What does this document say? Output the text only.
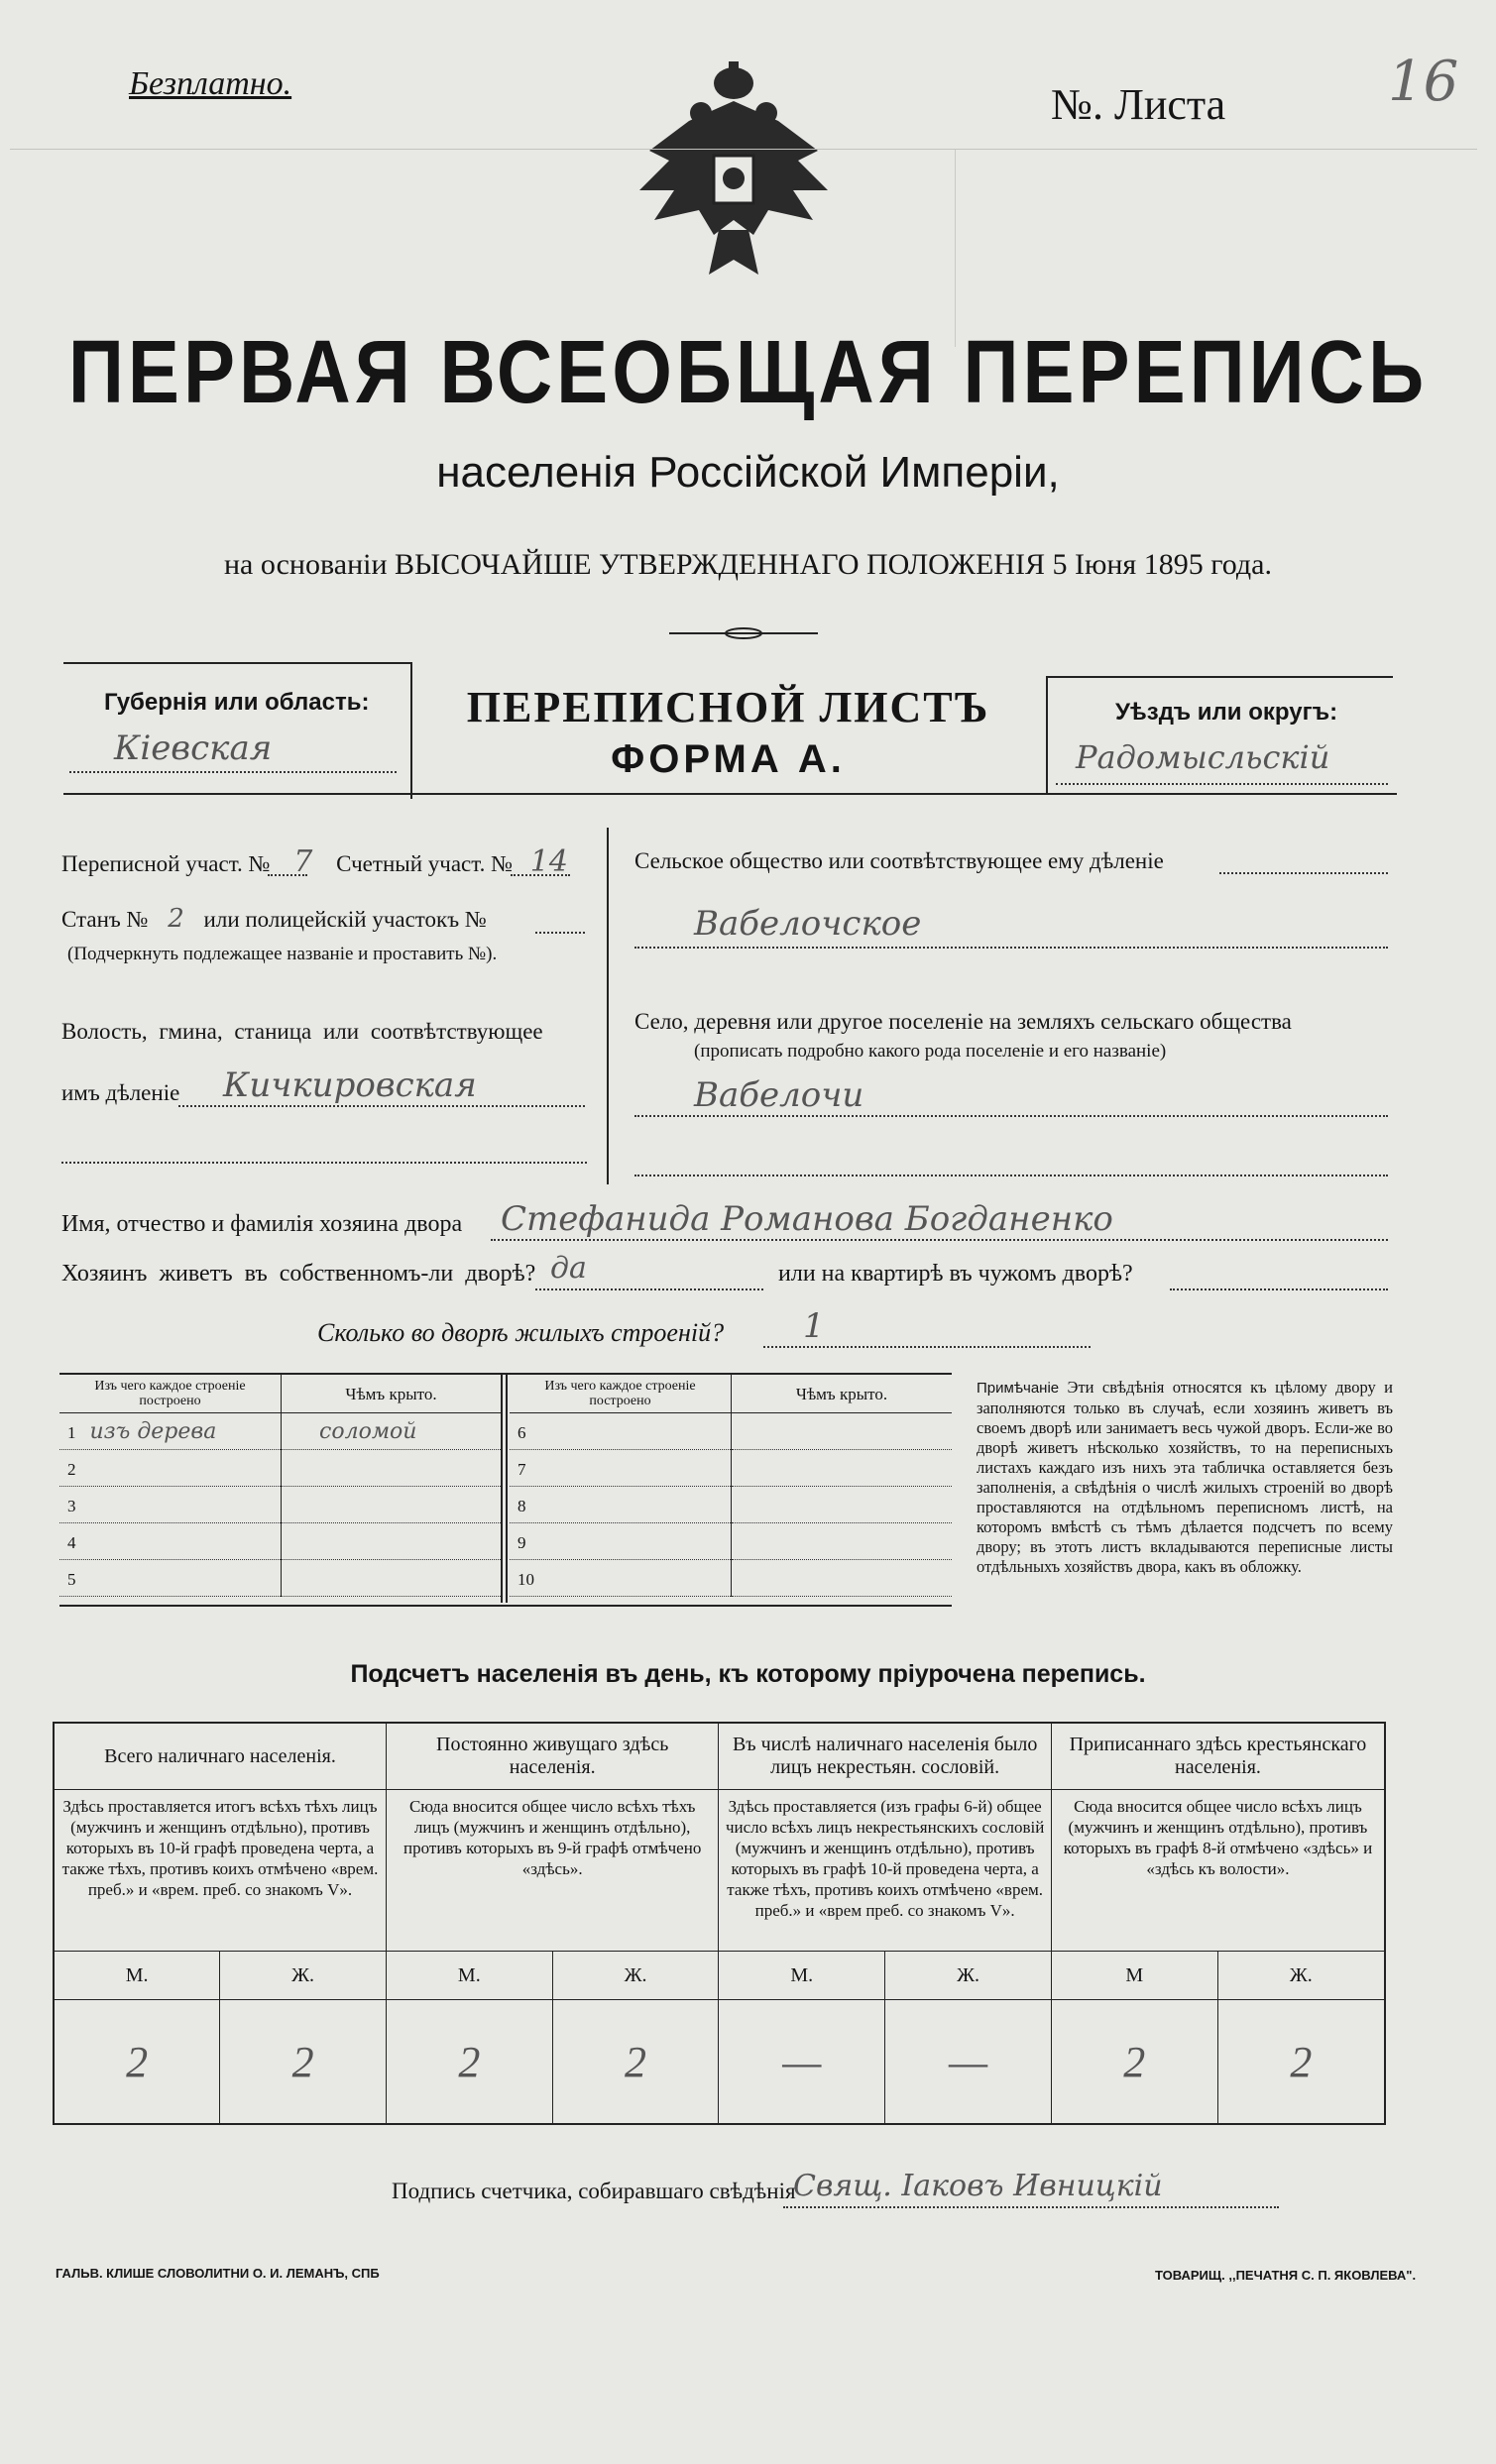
Безплатно.	№. Листа	16
ПЕРВАЯ ВСЕОБЩАЯ ПЕРЕПИСЬ
населенія Россійской Имперіи,
на основаніи ВЫСОЧАЙШЕ УТВЕРЖДЕННАГО ПОЛОЖЕНІЯ 5 Іюня 1895 года.
Губернія или область:
Кіевская
ПЕРЕПИСНОЙ ЛИСТЪ
ФОРМА А.
Уѣздъ или округъ:
Радомысльскій
Переписной участ. № 7 Счетный участ. № 14
Станъ № 2 или полицейскій участокъ №
(Подчеркнуть подлежащее названіе и проставить №).
Волость, гмина, станица или соотвѣтствующее
имъ дѣленіе Кичкировская
Сельское общество или соотвѣтствующее ему дѣленіе
Вабелочское
Село, деревня или другое поселеніе на земляхъ сельскаго общества
(прописать подробно какого рода поселеніе и его названіе)
Вабелочи
Имя, отчество и фамилія хозяина двора Стефанида Романова Богданенко
Хозяинъ живетъ въ собственномъ-ли дворѣ? да	или на квартирѣ въ чужомъ дворѣ?
Сколько во дворѣ жилыхъ строеній? 1
Изъ чего каждое строеніе построено	Чѣмъ крыто.
1 изъ дерева	соломой
2	
3	
4	
5	
Изъ чего каждое строеніе построено	Чѣмъ крыто.
6	
7	
8	
9	
10	
Примѣчаніе Эти свѣдѣнія относятся къ цѣлому двору и заполняются только въ случаѣ, если хозяинъ живетъ въ своемъ дворѣ или занимаетъ весь чужой дворъ. Если-же во дворѣ живетъ нѣсколько хозяйствъ, то на переписныхъ листахъ каждаго изъ нихъ эта табличка оставляется безъ заполненія, а свѣдѣнія о числѣ жилыхъ строеній во дворѣ проставляются на отдѣльномъ переписномъ листѣ, на которомъ вмѣстѣ съ тѣмъ дѣлается подсчетъ по всему двору; въ этотъ листъ вкладываются переписные листы отдѣльныхъ хозяйствъ двора, какъ въ обложку.
Подсчетъ населенія въ день, къ которому пріурочена перепись.
Всего наличнаго населенія.		Постоянно живущаго здѣсь населенія.		Въ числѣ наличнаго населенія было лицъ некрестьян. сословій.		Приписаннаго здѣсь крестьянскаго населенія.	
Здѣсь проставляется итогъ всѣхъ тѣхъ лицъ (мужчинъ и женщинъ отдѣльно), противъ которыхъ въ 10-й графѣ проведена черта, а также тѣхъ, противъ коихъ отмѣчено «врем. преб.» и «врем. преб. со знакомъ V».		Сюда вносится общее число всѣхъ тѣхъ лицъ (мужчинъ и женщинъ отдѣльно), противъ которыхъ въ 9-й графѣ отмѣчено «здѣсь».		Здѣсь проставляется (изъ графы 6-й) общее число всѣхъ лицъ некрестьянскихъ сословій (мужчинъ и женщинъ отдѣльно), противъ которыхъ въ графѣ 10-й проведена черта, а также тѣхъ, противъ коихъ отмѣчено «врем. преб.» и «врем преб. со знакомъ V».		Сюда вносится общее число всѣхъ лицъ (мужчинъ и женщинъ отдѣльно), противъ которыхъ въ графѣ 8-й отмѣчено «здѣсь» и «здѣсь къ волости».	
М.	Ж.	М.	Ж.	М.	Ж.	М	Ж.
2	2	2	2	—	—	2	2
Подпись счетчика, собиравшаго свѣдѣнія
Свящ. Іаковъ Ивницкій
ГАЛЬВ. КЛИШЕ СЛОВОЛИТНИ О. И. ЛЕМАНЪ, СПБ	ТОВАРИЩ. ,,ПЕЧАТНЯ С. П. ЯКОВЛЕВА".
